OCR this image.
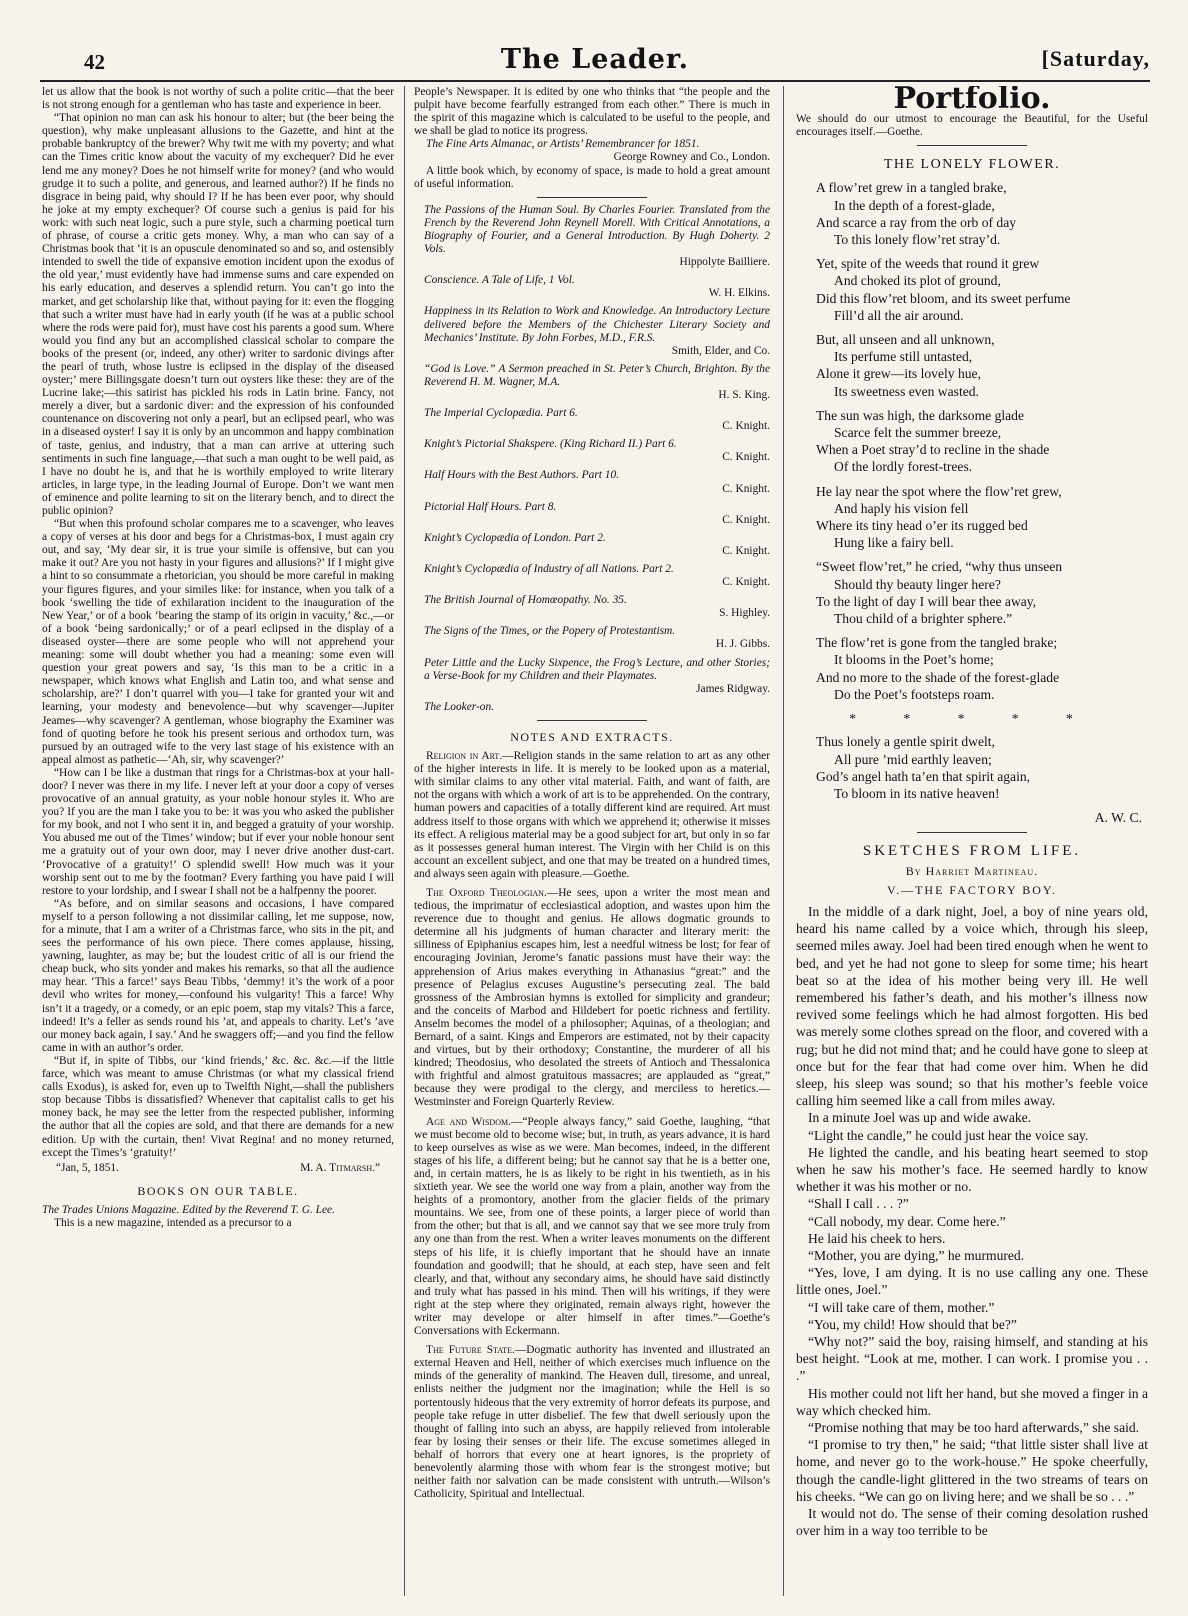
42	The Leader.	[Saturday,

let us allow that the book is not worthy of such a polite critic—that the beer is not strong enough for a gentleman who has taste and experience in beer.

“That opinion no man can ask his honour to alter; but (the beer being the question), why make unpleasant allusions to the Gazette, and hint at the probable bankruptcy of the brewer? Why twit me with my poverty; and what can the Times critic know about the vacuity of my exchequer? Did he ever lend me any money? Does he not himself write for money? (and who would grudge it to such a polite, and generous, and learned author?) If he finds no disgrace in being paid, why should I? If he has been ever poor, why should he joke at my empty exchequer? Of course such a genius is paid for his work: with such neat logic, such a pure style, such a charming poetical turn of phrase, of course a critic gets money. Why, a man who can say of a Christmas book that ‘it is an opuscule denominated so and so, and ostensibly intended to swell the tide of expansive emotion incident upon the exodus of the old year,’ must evidently have had immense sums and care expended on his early education, and deserves a splendid return. You can’t go into the market, and get scholarship like that, without paying for it: even the flogging that such a writer must have had in early youth (if he was at a public school where the rods were paid for), must have cost his parents a good sum. Where would you find any but an accomplished classical scholar to compare the books of the present (or, indeed, any other) writer to sardonic divings after the pearl of truth, whose lustre is eclipsed in the display of the diseased oyster;’ mere Billingsgate doesn’t turn out oysters like these: they are of the Lucrine lake;—this satirist has pickled his rods in Latin brine. Fancy, not merely a diver, but a sardonic diver: and the expression of his confounded countenance on discovering not only a pearl, but an eclipsed pearl, who was in a diseased oyster! I say it is only by an uncommon and happy combination of taste, genius, and industry, that a man can arrive at uttering such sentiments in such fine language,—that such a man ought to be well paid, as I have no doubt he is, and that he is worthily employed to write literary articles, in large type, in the leading Journal of Europe. Don’t we want men of eminence and polite learning to sit on the literary bench, and to direct the public opinion?

“But when this profound scholar compares me to a scavenger, who leaves a copy of verses at his door and begs for a Christmas-box, I must again cry out, and say, ‘My dear sir, it is true your simile is offensive, but can you make it out? Are you not hasty in your figures and allusions?’ If I might give a hint to so consummate a rhetorician, you should be more careful in making your figures figures, and your similes like: for instance, when you talk of a book ‘swelling the tide of exhilaration incident to the inauguration of the New Year,’ or of a book ‘bearing the stamp of its origin in vacuity,’ &c.,—or of a book ‘being sardonically;’ or of a pearl eclipsed in the display of a diseased oyster—there are some people who will not apprehend your meaning: some will doubt whether you had a meaning: some even will question your great powers and say, ‘Is this man to be a critic in a newspaper, which knows what English and Latin too, and what sense and scholarship, are?’ I don’t quarrel with you—I take for granted your wit and learning, your modesty and benevolence—but why scavenger—Jupiter Jeames—why scavenger? A gentleman, whose biography the Examiner was fond of quoting before he took his present serious and orthodox turn, was pursued by an outraged wife to the very last stage of his existence with an appeal almost as pathetic—‘Ah, sir, why scavenger?’

“How can I be like a dustman that rings for a Christmas-box at your hall-door? I never was there in my life. I never left at your door a copy of verses provocative of an annual gratuity, as your noble honour styles it. Who are you? If you are the man I take you to be: it was you who asked the publisher for my book, and not I who sent it in, and begged a gratuity of your worship. You abused me out of the Times’ window; but if ever your noble honour sent me a gratuity out of your own door, may I never drive another dust-cart. ‘Provocative of a gratuity!’ O splendid swell! How much was it your worship sent out to me by the footman? Every farthing you have paid I will restore to your lordship, and I swear I shall not be a halfpenny the poorer.

“As before, and on similar seasons and occasions, I have compared myself to a person following a not dissimilar calling, let me suppose, now, for a minute, that I am a writer of a Christmas farce, who sits in the pit, and sees the performance of his own piece. There comes applause, hissing, yawning, laughter, as may be; but the loudest critic of all is our friend the cheap buck, who sits yonder and makes his remarks, so that all the audience may hear. ‘This a farce!’ says Beau Tibbs, ‘demmy! it’s the work of a poor devil who writes for money,—confound his vulgarity! This a farce! Why isn’t it a tragedy, or a comedy, or an epic poem, stap my vitals? This a farce, indeed! It’s a feller as sends round his ’at, and appeals to charity. Let’s ’ave our money back again, I say.’ And he swaggers off;—and you find the fellow came in with an author’s order.

“But if, in spite of Tibbs, our ‘kind friends,’ &c. &c. &c.—if the little farce, which was meant to amuse Christmas (or what my classical friend calls Exodus), is asked for, even up to Twelfth Night,—shall the publishers stop because Tibbs is dissatisfied? Whenever that capitalist calls to get his money back, he may see the letter from the respected publisher, informing the author that all the copies are sold, and that there are demands for a new edition. Up with the curtain, then! Vivat Regina! and no money returned, except the Times’s ‘gratuity!’

“Jan, 5, 1851.	M. A. Titmarsh.”
BOOKS ON OUR TABLE.

The Trades Unions Magazine. Edited by the Reverend T. G. Lee.

This is a new magazine, intended as a precursor to a

People’s Newspaper. It is edited by one who thinks that “the people and the pulpit have become fearfully estranged from each other.” There is much in the spirit of this magazine which is calculated to be useful to the people, and we shall be glad to notice its progress.

The Fine Arts Almanac, or Artists’ Remembrancer for 1851.

George Rowney and Co., London.

A little book which, by economy of space, is made to hold a great amount of useful information.

The Passions of the Human Soul. By Charles Fourier. Translated from the French by the Reverend John Reynell Morell. With Critical Annotations, a Biography of Fourier, and a General Introduction. By Hugh Doherty. 2 Vols.
Hippolyte Bailliere.

Conscience. A Tale of Life, 1 Vol.
W. H. Elkins.

Happiness in its Relation to Work and Knowledge. An Introductory Lecture delivered before the Members of the Chichester Literary Society and Mechanics’ Institute. By John Forbes, M.D., F.R.S.
Smith, Elder, and Co.

“God is Love.” A Sermon preached in St. Peter’s Church, Brighton. By the Reverend H. M. Wagner, M.A.
H. S. King.

The Imperial Cyclopædia. Part 6.
C. Knight.

Knight’s Pictorial Shakspere. (King Richard II.) Part 6.
C. Knight.

Half Hours with the Best Authors. Part 10.
C. Knight.

Pictorial Half Hours. Part 8.
C. Knight.

Knight’s Cyclopædia of London. Part 2.
C. Knight.

Knight’s Cyclopædia of Industry of all Nations. Part 2.
C. Knight.

The British Journal of Homœopathy. No. 35.
S. Highley.

The Signs of the Times, or the Popery of Protestantism.
H. J. Gibbs.

Peter Little and the Lucky Sixpence, the Frog’s Lecture, and other Stories; a Verse-Book for my Children and their Playmates.
James Ridgway.

The Looker-on.

NOTES AND EXTRACTS.

Religion in Art.—Religion stands in the same relation to art as any other of the higher interests in life. It is merely to be looked upon as a material, with similar claims to any other vital material. Faith, and want of faith, are not the organs with which a work of art is to be apprehended. On the contrary, human powers and capacities of a totally different kind are required. Art must address itself to those organs with which we apprehend it; otherwise it misses its effect. A religious material may be a good subject for art, but only in so far as it possesses general human interest. The Virgin with her Child is on this account an excellent subject, and one that may be treated on a hundred times, and always seen again with pleasure.—Goethe.

The Oxford Theologian.—He sees, upon a writer the most mean and tedious, the imprimatur of ecclesiastical adoption, and wastes upon him the reverence due to thought and genius. He allows dogmatic grounds to determine all his judgments of human character and literary merit: the silliness of Epiphanius escapes him, lest a needful witness be lost; for fear of encouraging Jovinian, Jerome’s fanatic passions must have their way: the apprehension of Arius makes everything in Athanasius “great:” and the presence of Pelagius excuses Augustine’s persecuting zeal. The bald grossness of the Ambrosian hymns is extolled for simplicity and grandeur; and the conceits of Marbod and Hildebert for poetic richness and fertility. Anselm becomes the model of a philosopher; Aquinas, of a theologian; and Bernard, of a saint. Kings and Emperors are estimated, not by their capacity and virtues, but by their orthodoxy; Constantine, the murderer of all his kindred; Theodosius, who desolated the streets of Antioch and Thessalonica with frightful and almost gratuitous massacres; are applauded as “great,” because they were prodigal to the clergy, and merciless to heretics.—Westminster and Foreign Quarterly Review.

Age and Wisdom.—“People always fancy,” said Goethe, laughing, “that we must become old to become wise; but, in truth, as years advance, it is hard to keep ourselves as wise as we were. Man becomes, indeed, in the different stages of his life, a different being; but he cannot say that he is a better one, and, in certain matters, he is as likely to be right in his twentieth, as in his sixtieth year. We see the world one way from a plain, another way from the heights of a promontory, another from the glacier fields of the primary mountains. We see, from one of these points, a larger piece of world than from the other; but that is all, and we cannot say that we see more truly from any one than from the rest. When a writer leaves monuments on the different steps of his life, it is chiefly important that he should have an innate foundation and goodwill; that he should, at each step, have seen and felt clearly, and that, without any secondary aims, he should have said distinctly and truly what has passed in his mind. Then will his writings, if they were right at the step where they originated, remain always right, however the writer may develope or alter himself in after times.”—Goethe’s Conversations with Eckermann.

The Future State.—Dogmatic authority has invented and illustrated an external Heaven and Hell, neither of which exercises much influence on the minds of the generality of mankind. The Heaven dull, tiresome, and unreal, enlists neither the judgment nor the imagination; while the Hell is so portentously hideous that the very extremity of horror defeats its purpose, and people take refuge in utter disbelief. The few that dwell seriously upon the thought of falling into such an abyss, are happily relieved from intolerable fear by losing their senses or their life. The excuse sometimes alleged in behalf of horrors that every one at heart ignores, is the propriety of benevolently alarming those with whom fear is the strongest motive; but neither faith nor salvation can be made consistent with untruth.—Wilson’s Catholicity, Spiritual and Intellectual.

Portfolio.

We should do our utmost to encourage the Beautiful, for the Useful encourages itself.—Goethe.

THE LONELY FLOWER.
A flow’ret grew in a tangled brake,
In the depth of a forest-glade,
And scarce a ray from the orb of day
To this lonely flow’ret stray’d.
Yet, spite of the weeds that round it grew
And choked its plot of ground,
Did this flow’ret bloom, and its sweet perfume
Fill’d all the air around.
But, all unseen and all unknown,
Its perfume still untasted,
Alone it grew—its lovely hue,
Its sweetness even wasted.
The sun was high, the darksome glade
Scarce felt the summer breeze,
When a Poet stray’d to recline in the shade
Of the lordly forest-trees.
He lay near the spot where the flow’ret grew,
And haply his vision fell
Where its tiny head o’er its rugged bed
Hung like a fairy bell.
“Sweet flow’ret,” he cried, “why thus unseen
Should thy beauty linger here?
To the light of day I will bear thee away,
Thou child of a brighter sphere.”
The flow’ret is gone from the tangled brake;
It blooms in the Poet’s home;
And no more to the shade of the forest-glade
Do the Poet’s footsteps roam.
* * * * *
Thus lonely a gentle spirit dwelt,
All pure ’mid earthly leaven;
God’s angel hath ta’en that spirit again,
To bloom in its native heaven!
A. W. C.
SKETCHES FROM LIFE.
By Harriet Martineau.
V.—THE FACTORY BOY.

In the middle of a dark night, Joel, a boy of nine years old, heard his name called by a voice which, through his sleep, seemed miles away. Joel had been tired enough when he went to bed, and yet he had not gone to sleep for some time; his heart beat so at the idea of his mother being very ill. He well remembered his father’s death, and his mother’s illness now revived some feelings which he had almost forgotten. His bed was merely some clothes spread on the floor, and covered with a rug; but he did not mind that; and he could have gone to sleep at once but for the fear that had come over him. When he did sleep, his sleep was sound; so that his mother’s feeble voice calling him seemed like a call from miles away.

In a minute Joel was up and wide awake.

“Light the candle,” he could just hear the voice say.

He lighted the candle, and his beating heart seemed to stop when he saw his mother’s face. He seemed hardly to know whether it was his mother or no.

“Shall I call . . . ?”

“Call nobody, my dear. Come here.”

He laid his cheek to hers.

“Mother, you are dying,” he murmured.

“Yes, love, I am dying. It is no use calling any one. These little ones, Joel.”

“I will take care of them, mother.”

“You, my child! How should that be?”

“Why not?” said the boy, raising himself, and standing at his best height. “Look at me, mother. I can work. I promise you . . .”

His mother could not lift her hand, but she moved a finger in a way which checked him.

“Promise nothing that may be too hard afterwards,” she said.

“I promise to try then,” he said; “that little sister shall live at home, and never go to the work-house.” He spoke cheerfully, though the candle-light glittered in the two streams of tears on his cheeks. “We can go on living here; and we shall be so . . .”

It would not do. The sense of their coming desolation rushed over him in a way too terrible to be
